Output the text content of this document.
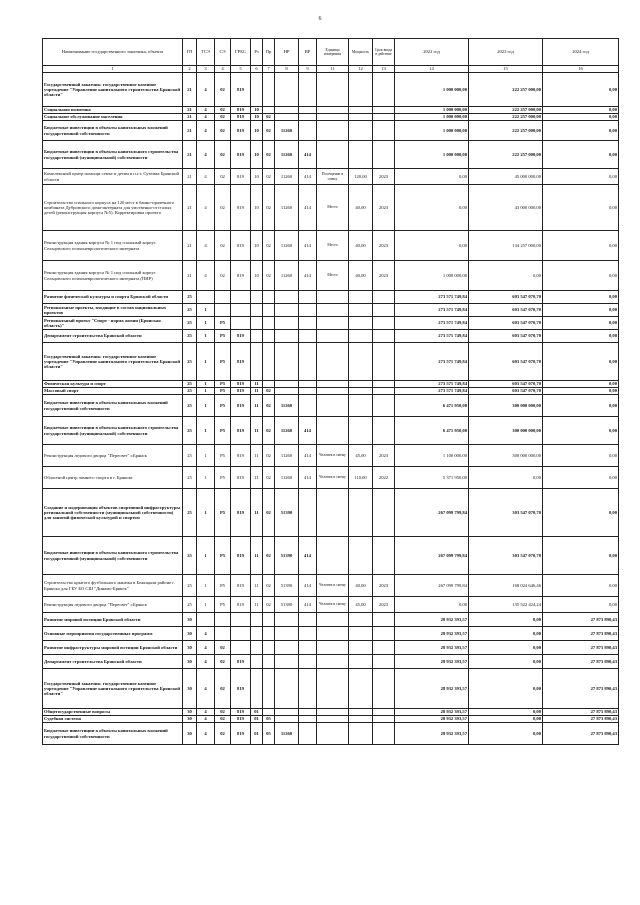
6
Наименование государственного заказчика, объекта	ГП	ТСЭ	СЭ	ГРБС	Рз	Пр	НР	ВР	Единица измерения	Мощность	Срок ввода в действие	2022 год	2023 год	2024 год
1	2	3	4	5	6	7	8	9	11	12	13	14	15	16
Государственный заказчик: государственное казенное учреждение "Управление капитального строительства Брянской области"	21	4	02	819								1 000 000,00	222 257 000,00	0,00
Социальная политика	21	4	02	819	10							1 000 000,00	222 257 000,00	0,00
Социальное обслуживание населения	21	4	02	819	10	02						1 000 000,00	222 257 000,00	0,00
Бюджетные инвестиции в объекты капитальных вложений государственной собственности	21	4	02	819	10	02	11260					1 000 000,00	222 257 000,00	0,00
Бюджетные инвестиции в объекты капитального строительства государственной (муниципальной) собственности	21	4	02	819	10	02	11260	414				1 000 000,00	222 257 000,00	0,00
Комплексный центр помощи семье и детям в п.г.т. Суземка Брянской области	21	4	02	819	10	02	11260	414	Посещение в смену	120,00	2023	0,00	45 000 000,00	0,00
Строительство спального корпуса на 120 мест в банно-прачечного комбината Дубровского дома-интерната для умственно-отсталых детей (реконструкция корпуса №5). Корректировка проекта	21	4	02	819	10	02	11260	414	Место	40,00	2023	0,00	43 000 000,00	0,00
Реконструкция здания корпуса № 1 под спальный корпус Сельцовского психоневрологического интерната	21	4	02	819	10	02	11260	414	Место	40,00	2023	0,00	134 257 000,00	0,00
Реконструкция здания корпуса № 1 под спальный корпус Сельцовского психоневрологического интерната (ПИР)	21	4	02	819	10	02	11260	414	Место	40,00	2023	1 000 000,00	0,00	0,00
Развитие физической культуры и спорта Брянской области	25											273 571 749,84	603 547 070,70	0,00
Региональные проекты, входящие в состав национальных проектов	25	1										273 571 749,84	603 547 070,70	0,00
Региональный проект "Спорт - норма жизни (Брянская область)"	25	1	P5									273 571 749,84	603 547 070,70	0,00
Департамент строительства Брянской области	25	1	P5	819								273 571 749,84	603 547 070,70	0,00
Государственный заказчик: государственное казенное учреждение "Управление капитального строительства Брянской области"	25	1	P5	819								273 571 749,84	603 547 070,70	0,00
Физическая культура и спорт	25	1	P5	819	11							273 571 749,84	603 547 070,70	0,00
Массовый спорт	25	1	P5	819	11	02						273 571 749,84	603 547 070,70	0,00
Бюджетные инвестиции в объекты капитальных вложений государственной собственности	25	1	P5	819	11	02	11260					6 471 950,00	300 000 000,00	0,00
Бюджетные инвестиции в объекты капитального строительства государственной (муниципальной) собственности	25	1	P5	819	11	02	11260	414				6 471 950,00	300 000 000,00	0,00
Реконструкция ледового дворца "Пересвет" г.Брянск	25	1	P5	819	11	02	11260	414	Человек в смену	45,00	2023	1 100 000,00	300 000 000,00	0,00
Областной центр зимнего спорта в г. Брянске	25	1	P5	819	11	02	11260	414	Человек в смену	110,00	2022	5 371 950,00	0,00	0,00
Создание и модернизация объектов спортивной инфраструктуры региональной собственности (муниципальной собственности) для занятий физической культурой и спортом	25	1	P5	819	11	02	51390					267 099 799,84	303 547 070,70	0,00
Бюджетные инвестиции в объекты капитального строительства государственной (муниципальной) собственности	25	1	P5	819	11	02	51390	414				267 099 799,84	303 547 070,70	0,00
Строительство крытого футбольного манежа в Бежицком районе г. Брянска для ГБУ БО СШ "Динамо-Брянск"	25	1	P5	819	11	02	51390	414	Человек в смену	40,00	2023	267 099 799,84	168 024 646,46	0,00
Реконструкция ледового дворца "Пересвет" г.Брянск	25	1	P5	819	11	02	51390	414	Человек в смену	45,00	2023	0,00	135 522 424,24	0,00
Развитие мировой юстиции Брянской области	30											28 932 393,57	0,00	27 873 890,43
Основные мероприятия государственных программ	30	4										28 932 393,57	0,00	27 873 890,43
Развитие инфраструктуры мировой юстиции Брянской области	30	4	02									28 932 393,57	0,00	27 873 890,43
Департамент строительства Брянской области	30	4	02	819								28 932 393,57	0,00	27 873 890,43
Государственный заказчик: государственное казенное учреждение "Управление капитального строительства Брянской области"	30	4	02	819								28 932 393,57	0,00	27 873 890,43
Общегосударственные вопросы	30	4	02	819	01							28 932 393,57	0,00	27 873 890,43
Судебная система	30	4	02	819	01	05						28 932 393,57	0,00	27 873 890,43
Бюджетные инвестиции в объекты капитальных вложений государственной собственности	30	4	02	819	01	05	11260					28 932 393,57	0,00	27 873 890,43
